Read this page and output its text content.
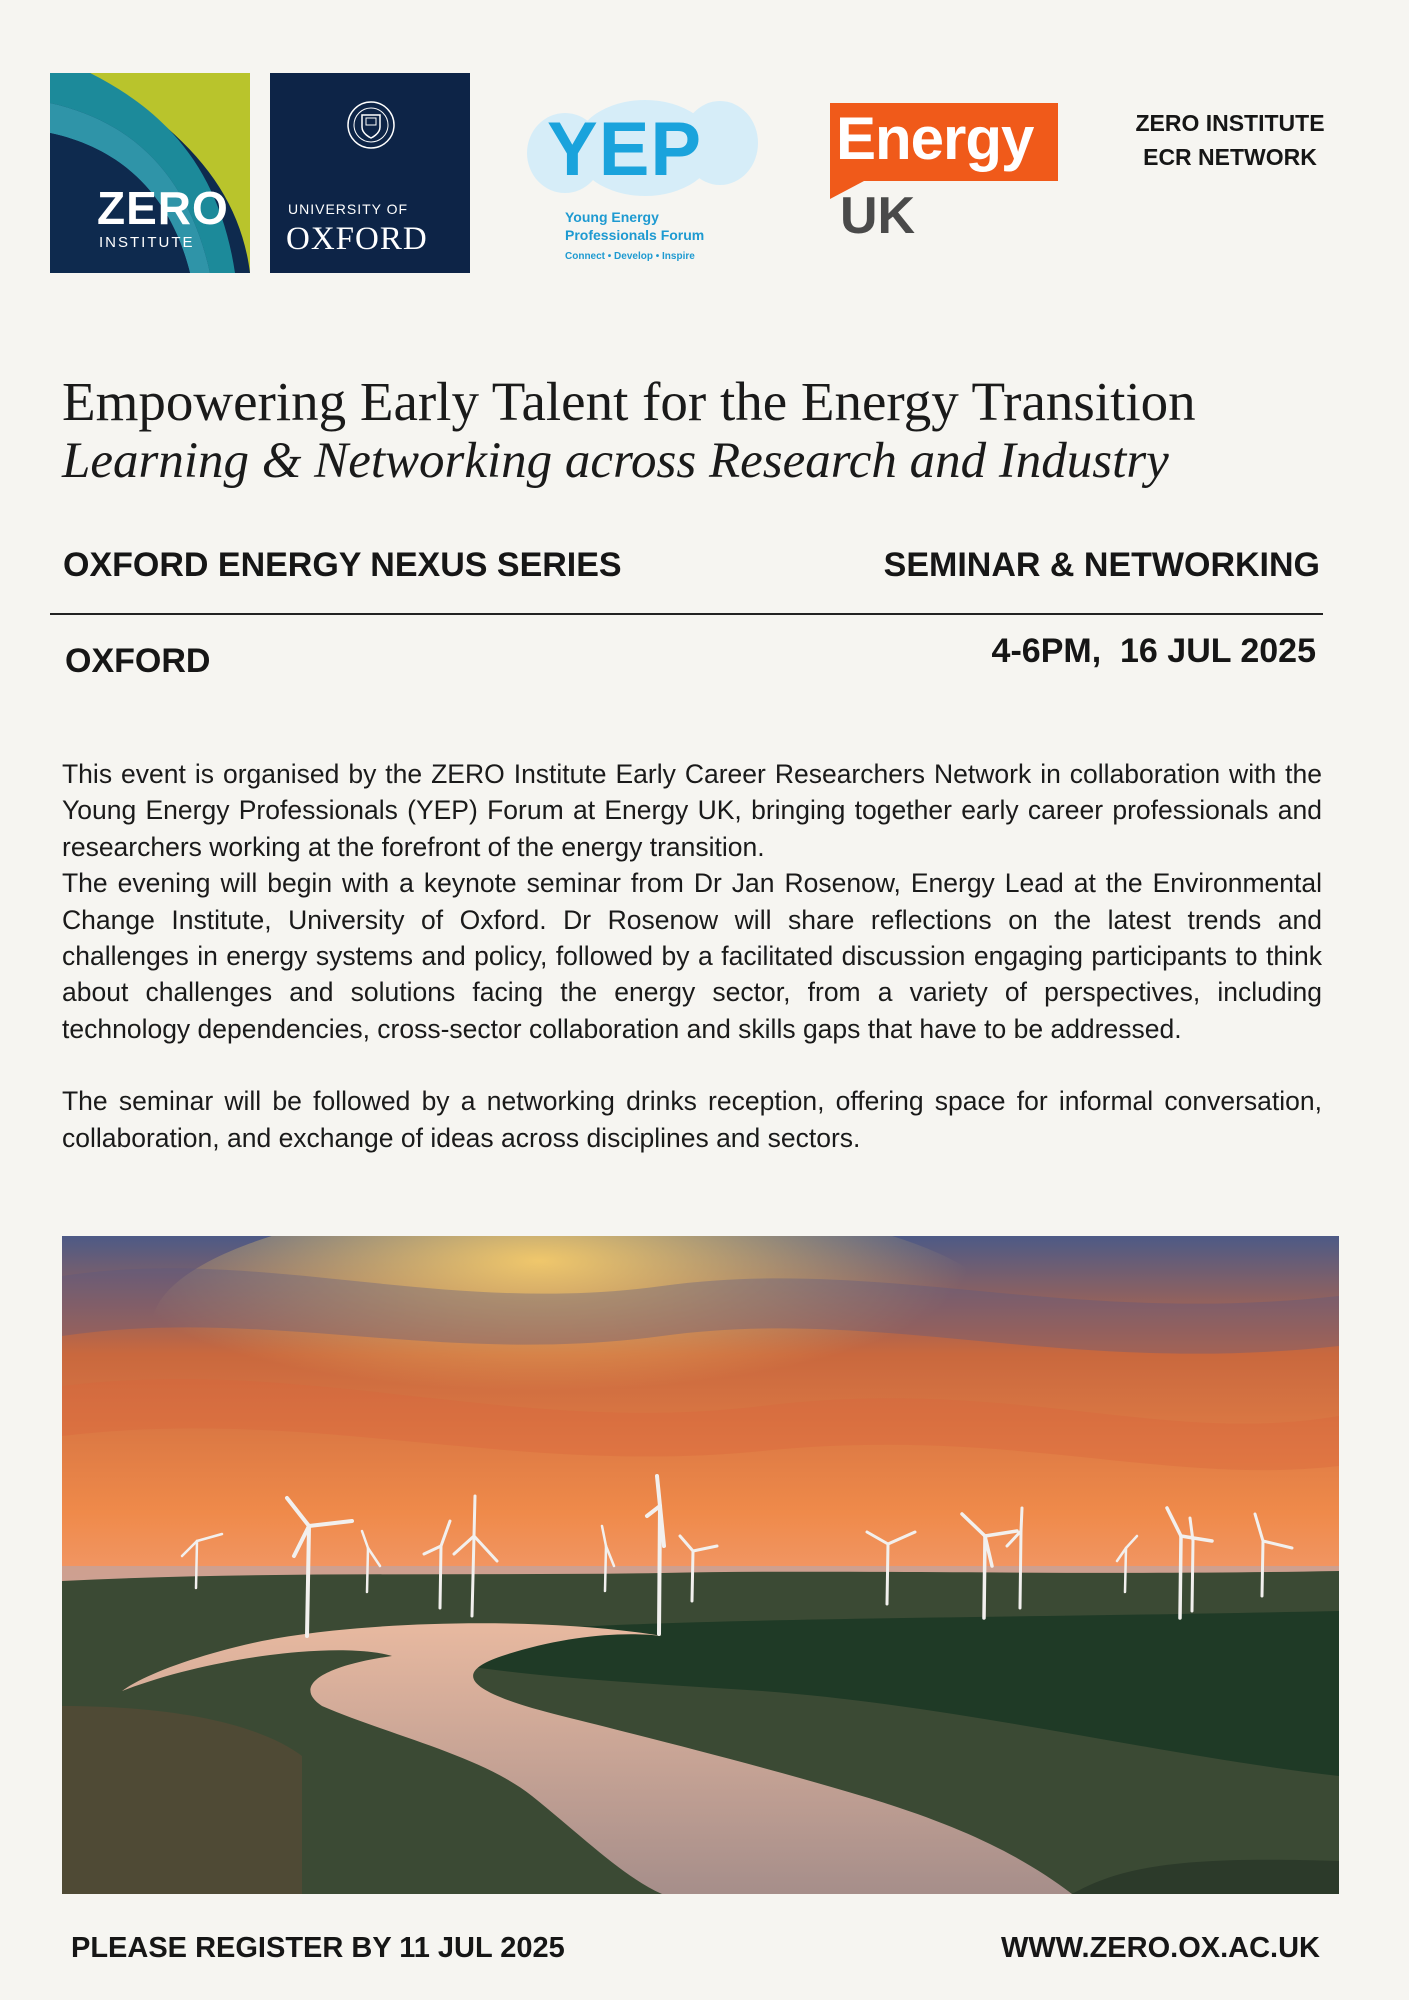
ZERO
INSTITUTE
UNIVERSITY OF
OXFORD
YEP
Young Energy
Professionals Forum
Connect • Develop • Inspire
Energy
UK
ZERO INSTITUTE
ECR NETWORK
Empowering Early Talent for the Energy Transition
Learning & Networking across Research and Industry
OXFORD ENERGY NEXUS SERIES	SEMINAR & NETWORKING
OXFORD	4-6PM,  16 JUL 2025

This event is organised by the ZERO Institute Early Career Researchers Network in collaboration with the Young Energy Professionals (YEP) Forum at Energy UK, bringing together early career professionals and researchers working at the forefront of the energy transition.

The evening will begin with a keynote seminar from Dr Jan Rosenow, Energy Lead at the Environmental Change Institute, University of Oxford. Dr Rosenow will share reflections on the latest trends and challenges in energy systems and policy, followed by a facilitated discussion engaging participants to think about challenges and solutions facing the energy sector, from a variety of perspectives, including technology dependencies, cross-sector collaboration and skills gaps that have to be addressed.

The seminar will be followed by a networking drinks reception, offering space for informal conversation, collaboration, and exchange of ideas across disciplines and sectors.

PLEASE REGISTER BY 11 JUL 2025	WWW.ZERO.OX.AC.UK
